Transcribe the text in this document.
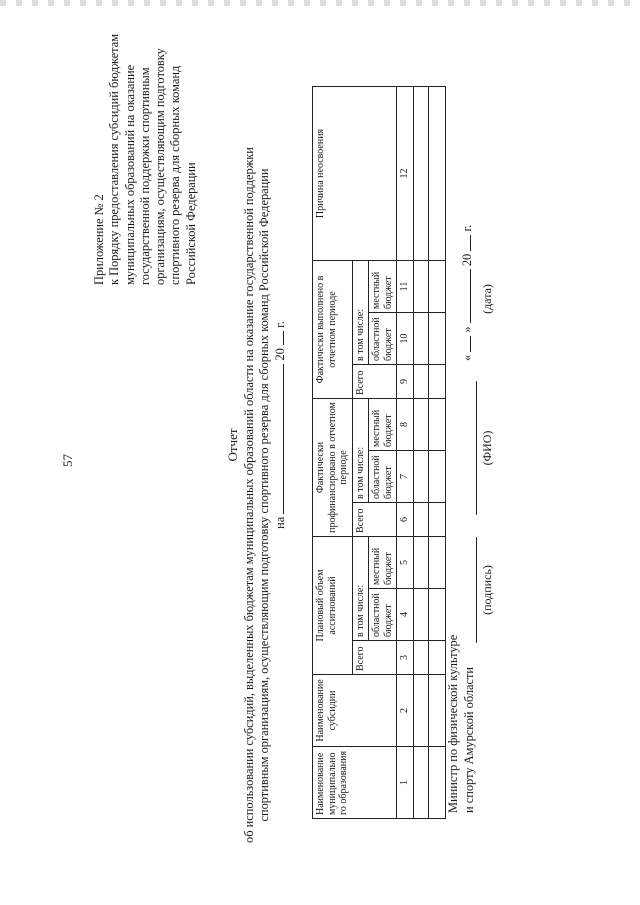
57
Приложение № 2 к Порядку предоставления субсидий бюджетам муниципальных образований на оказание государственной поддержки спортивным организациям, осуществляющим подготовку спортивного резерва для сборных команд Российской Федерации
Отчет об использовании субсидий, выделенных бюджетам муниципальных образований области на оказание государственной поддержки спортивным организациям, осуществляющим подготовку спортивного резерва для сборных команд Российской Федерации на  20  г.
Наименование муниципального образования	Наименование субсидии	Плановый объем ассигнований			Фактически профинансировано в отчетном периоде			Фактически выполнено в отчетном периоде			Причина неосвоения
		Всего	в том числе:		Всего	в том числе:		Всего	в том числе:		
			областной бюджет	местный бюджет		областной бюджет	местный бюджет		областной бюджет	местный бюджет	
1	2	3	4	5	6	7	8	9	10	11	12

Министр по физической культуре и спорту Амурской области
(подпись)
(ФИО)
«  »  20  г.
(дата)
